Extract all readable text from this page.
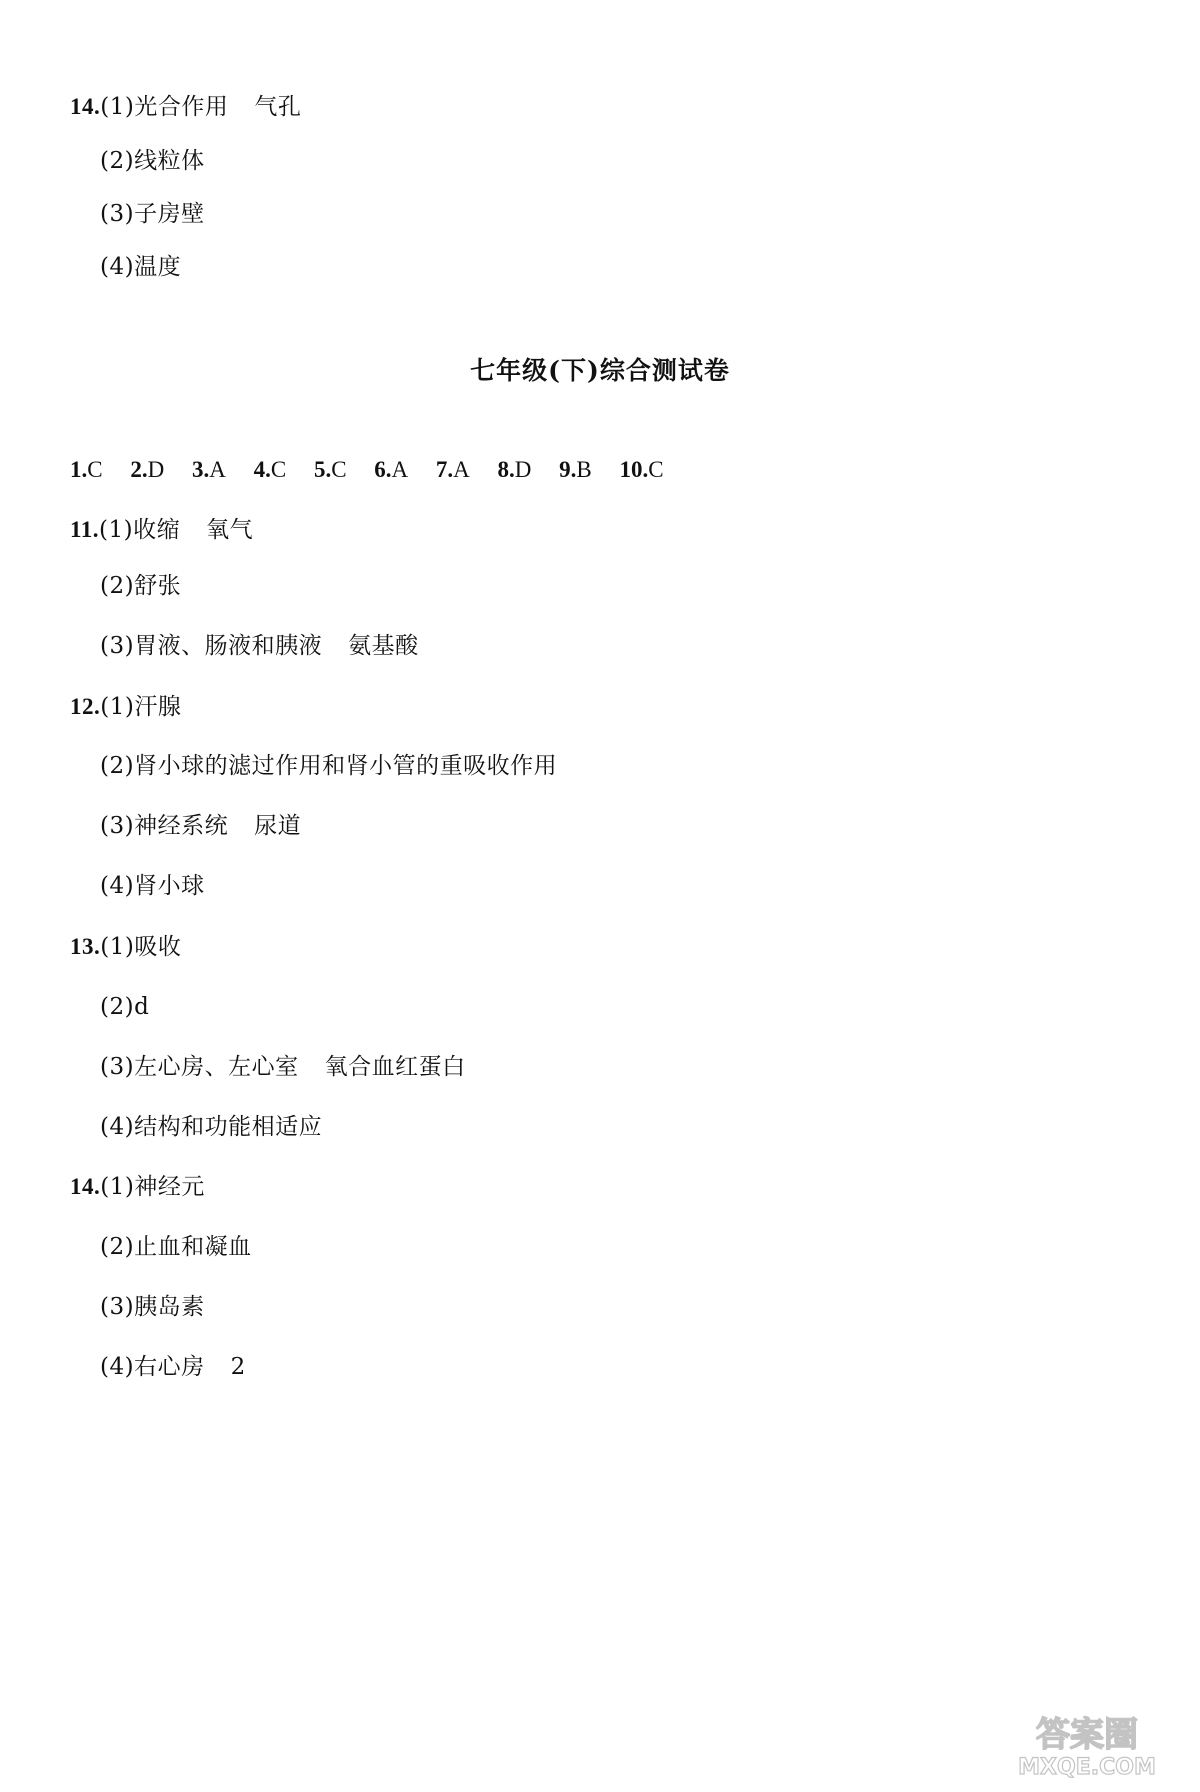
14.(1)光合作用 气孔
(2)线粒体
(3)子房壁
(4)温度
七年级(下)综合测试卷
1.C 2.D 3.A 4.C 5.C 6.A 7.A 8.D 9.B 10.C
11.(1)收缩 氧气
(2)舒张
(3)胃液、肠液和胰液 氨基酸
12.(1)汗腺
(2)肾小球的滤过作用和肾小管的重吸收作用
(3)神经系统 尿道
(4)肾小球
13.(1)吸收
(2)d
(3)左心房、左心室 氧合血红蛋白
(4)结构和功能相适应
14.(1)神经元
(2)止血和凝血
(3)胰岛素
(4)右心房 2
答案圈
MXQE.COM
